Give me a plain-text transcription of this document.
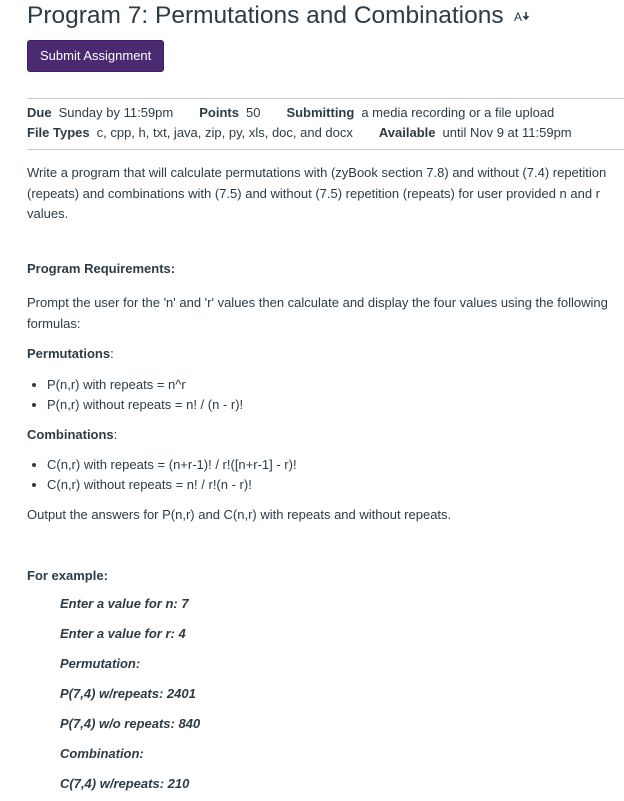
Program 7: Permutations and Combinations A
Submit Assignment
Due Sunday by 11:59pm Points 50 Submitting a media recording or a file upload
File Types c, cpp, h, txt, java, zip, py, xls, doc, and docx Available until Nov 9 at 11:59pm

Write a program that will calculate permutations with (zyBook section 7.8) and without (7.4) repetition (repeats) and combinations with (7.5) and without (7.5) repetition (repeats) for user provided n and r values.

Program Requirements:

Prompt the user for the 'n' and 'r' values then calculate and display the four values using the following formulas:

Permutations:

• P(n,r) with repeats = n^r
• P(n,r) without repeats = n! / (n - r)!

Combinations:

• C(n,r) with repeats = (n+r-1)! / r!([n+r-1] - r)!
• C(n,r) without repeats = n! / r!(n - r)!

Output the answers for P(n,r) and C(n,r) with repeats and without repeats.

For example:

Enter a value for n: 7
Enter a value for r: 4
Permutation:
P(7,4) w/repeats: 2401
P(7,4) w/o repeats: 840
Combination:
C(7,4) w/repeats: 210
